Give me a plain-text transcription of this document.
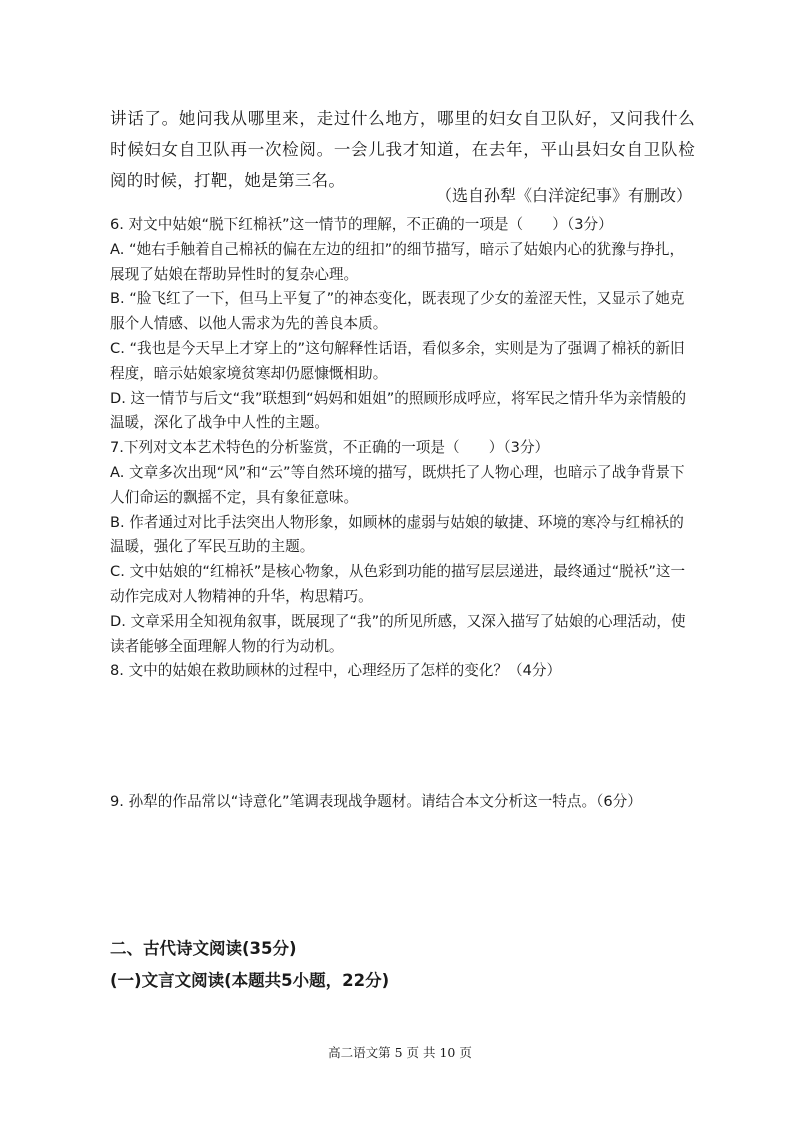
讲话了。她问我从哪里来，走过什么地方，哪里的妇女自卫队好，又问我什么时候妇女自卫队再一次检阅。一会儿我才知道，在去年，平山县妇女自卫队检阅的时候，打靶，她是第三名。
（选自孙犁《白洋淀纪事》有删改）

6. 对文中姑娘“脱下红棉袄”这一情节的理解，不正确的一项是（　　）（3分）

A. “她右手触着自己棉袄的偏在左边的纽扣”的细节描写，暗示了姑娘内心的犹豫与挣扎，展现了姑娘在帮助异性时的复杂心理。

B. “脸飞红了一下，但马上平复了”的神态变化，既表现了少女的羞涩天性，又显示了她克服个人情感、以他人需求为先的善良本质。

C. “我也是今天早上才穿上的”这句解释性话语，看似多余，实则是为了强调了棉袄的新旧程度，暗示姑娘家境贫寒却仍愿慷慨相助。

D. 这一情节与后文“我”联想到“妈妈和姐姐”的照顾形成呼应，将军民之情升华为亲情般的温暖，深化了战争中人性的主题。

7.下列对文本艺术特色的分析鉴赏，不正确的一项是（　　）（3分）

A. 文章多次出现“风”和“云”等自然环境的描写，既烘托了人物心理，也暗示了战争背景下人们命运的飘摇不定，具有象征意味。

B. 作者通过对比手法突出人物形象，如顾林的虚弱与姑娘的敏捷、环境的寒冷与红棉袄的温暖，强化了军民互助的主题。

C. 文中姑娘的“红棉袄”是核心物象，从色彩到功能的描写层层递进，最终通过“脱袄”这一动作完成对人物精神的升华，构思精巧。

D. 文章采用全知视角叙事，既展现了“我”的所见所感，又深入描写了姑娘的心理活动，使读者能够全面理解人物的行为动机。

8. 文中的姑娘在救助顾林的过程中，心理经历了怎样的变化？（4分）

9. 孙犁的作品常以“诗意化”笔调表现战争题材。请结合本文分析这一特点。（6分）
二、古代诗文阅读(35分)
(一)文言文阅读(本题共5小题，22分)
高二语文第 5 页 共 10 页
